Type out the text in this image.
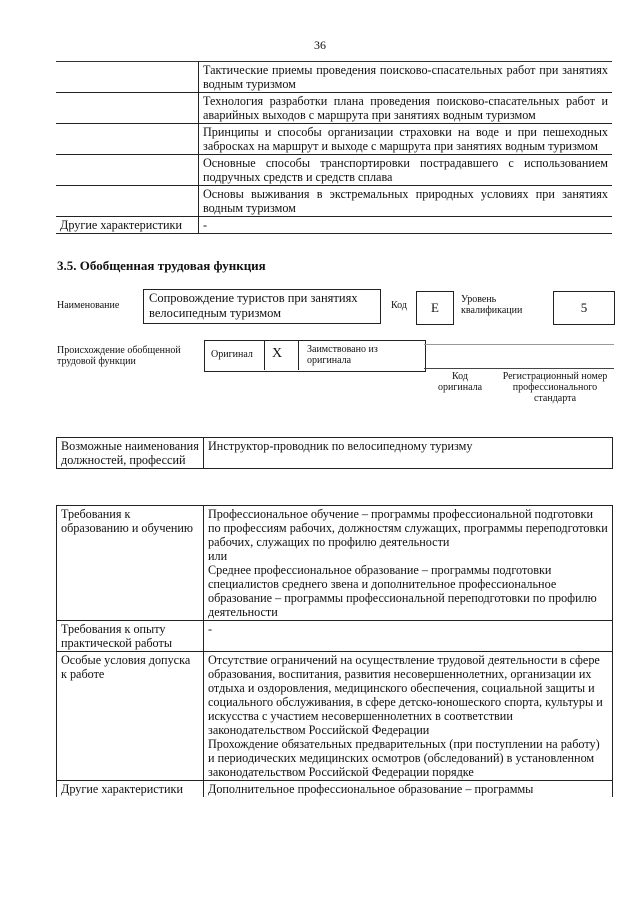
36
	Тактические приемы проведения поисково-спасательных работ при занятиях водным туризмом
	Технология разработки плана проведения поисково-спасательных работ и аварийных выходов с маршрута при занятиях водным туризмом
	Принципы и способы организации страховки на воде и при пешеходных забросках на маршрут и выходе с маршрута при занятиях водным туризмом
	Основные способы транспортировки пострадавшего с использованием подручных средств и средств сплава
	Основы выживания в экстремальных природных условиях при занятиях водным туризмом
Другие характеристики	-
3.5. Обобщенная трудовая функция
Наименование
Сопровождение туристов при занятиях велосипедным туризмом
Код	E
Уровень квалификации	5
Происхождение обобщенной трудовой функции
Оригинал X Заимствовано из оригинала
Код оригинала
Регистрационный номер профессионального стандарта
Возможные наименования должностей, профессий	Инструктор-проводник по велосипедному туризму
Требования к образованию и обучению	Профессиональное обучение – программы профессиональной подготовки по профессиям рабочих, должностям служащих, программы переподготовки рабочих, служащих по профилю деятельности
или
Среднее профессиональное образование – программы подготовки специалистов среднего звена и дополнительное профессиональное образование – программы профессиональной переподготовки по профилю деятельности
Требования к опыту практической работы	-
Особые условия допуска к работе	Отсутствие ограничений на осуществление трудовой деятельности в сфере образования, воспитания, развития несовершеннолетних, организации их отдыха и оздоровления, медицинского обеспечения, социальной защиты и социального обслуживания, в сфере детско-юношеского спорта, культуры и искусства с участием несовершеннолетних в соответствии законодательством Российской Федерации
Прохождение обязательных предварительных (при поступлении на работу) и периодических медицинских осмотров (обследований) в установленном законодательством Российской Федерации порядке
Другие характеристики	Дополнительное профессиональное образование – программы
